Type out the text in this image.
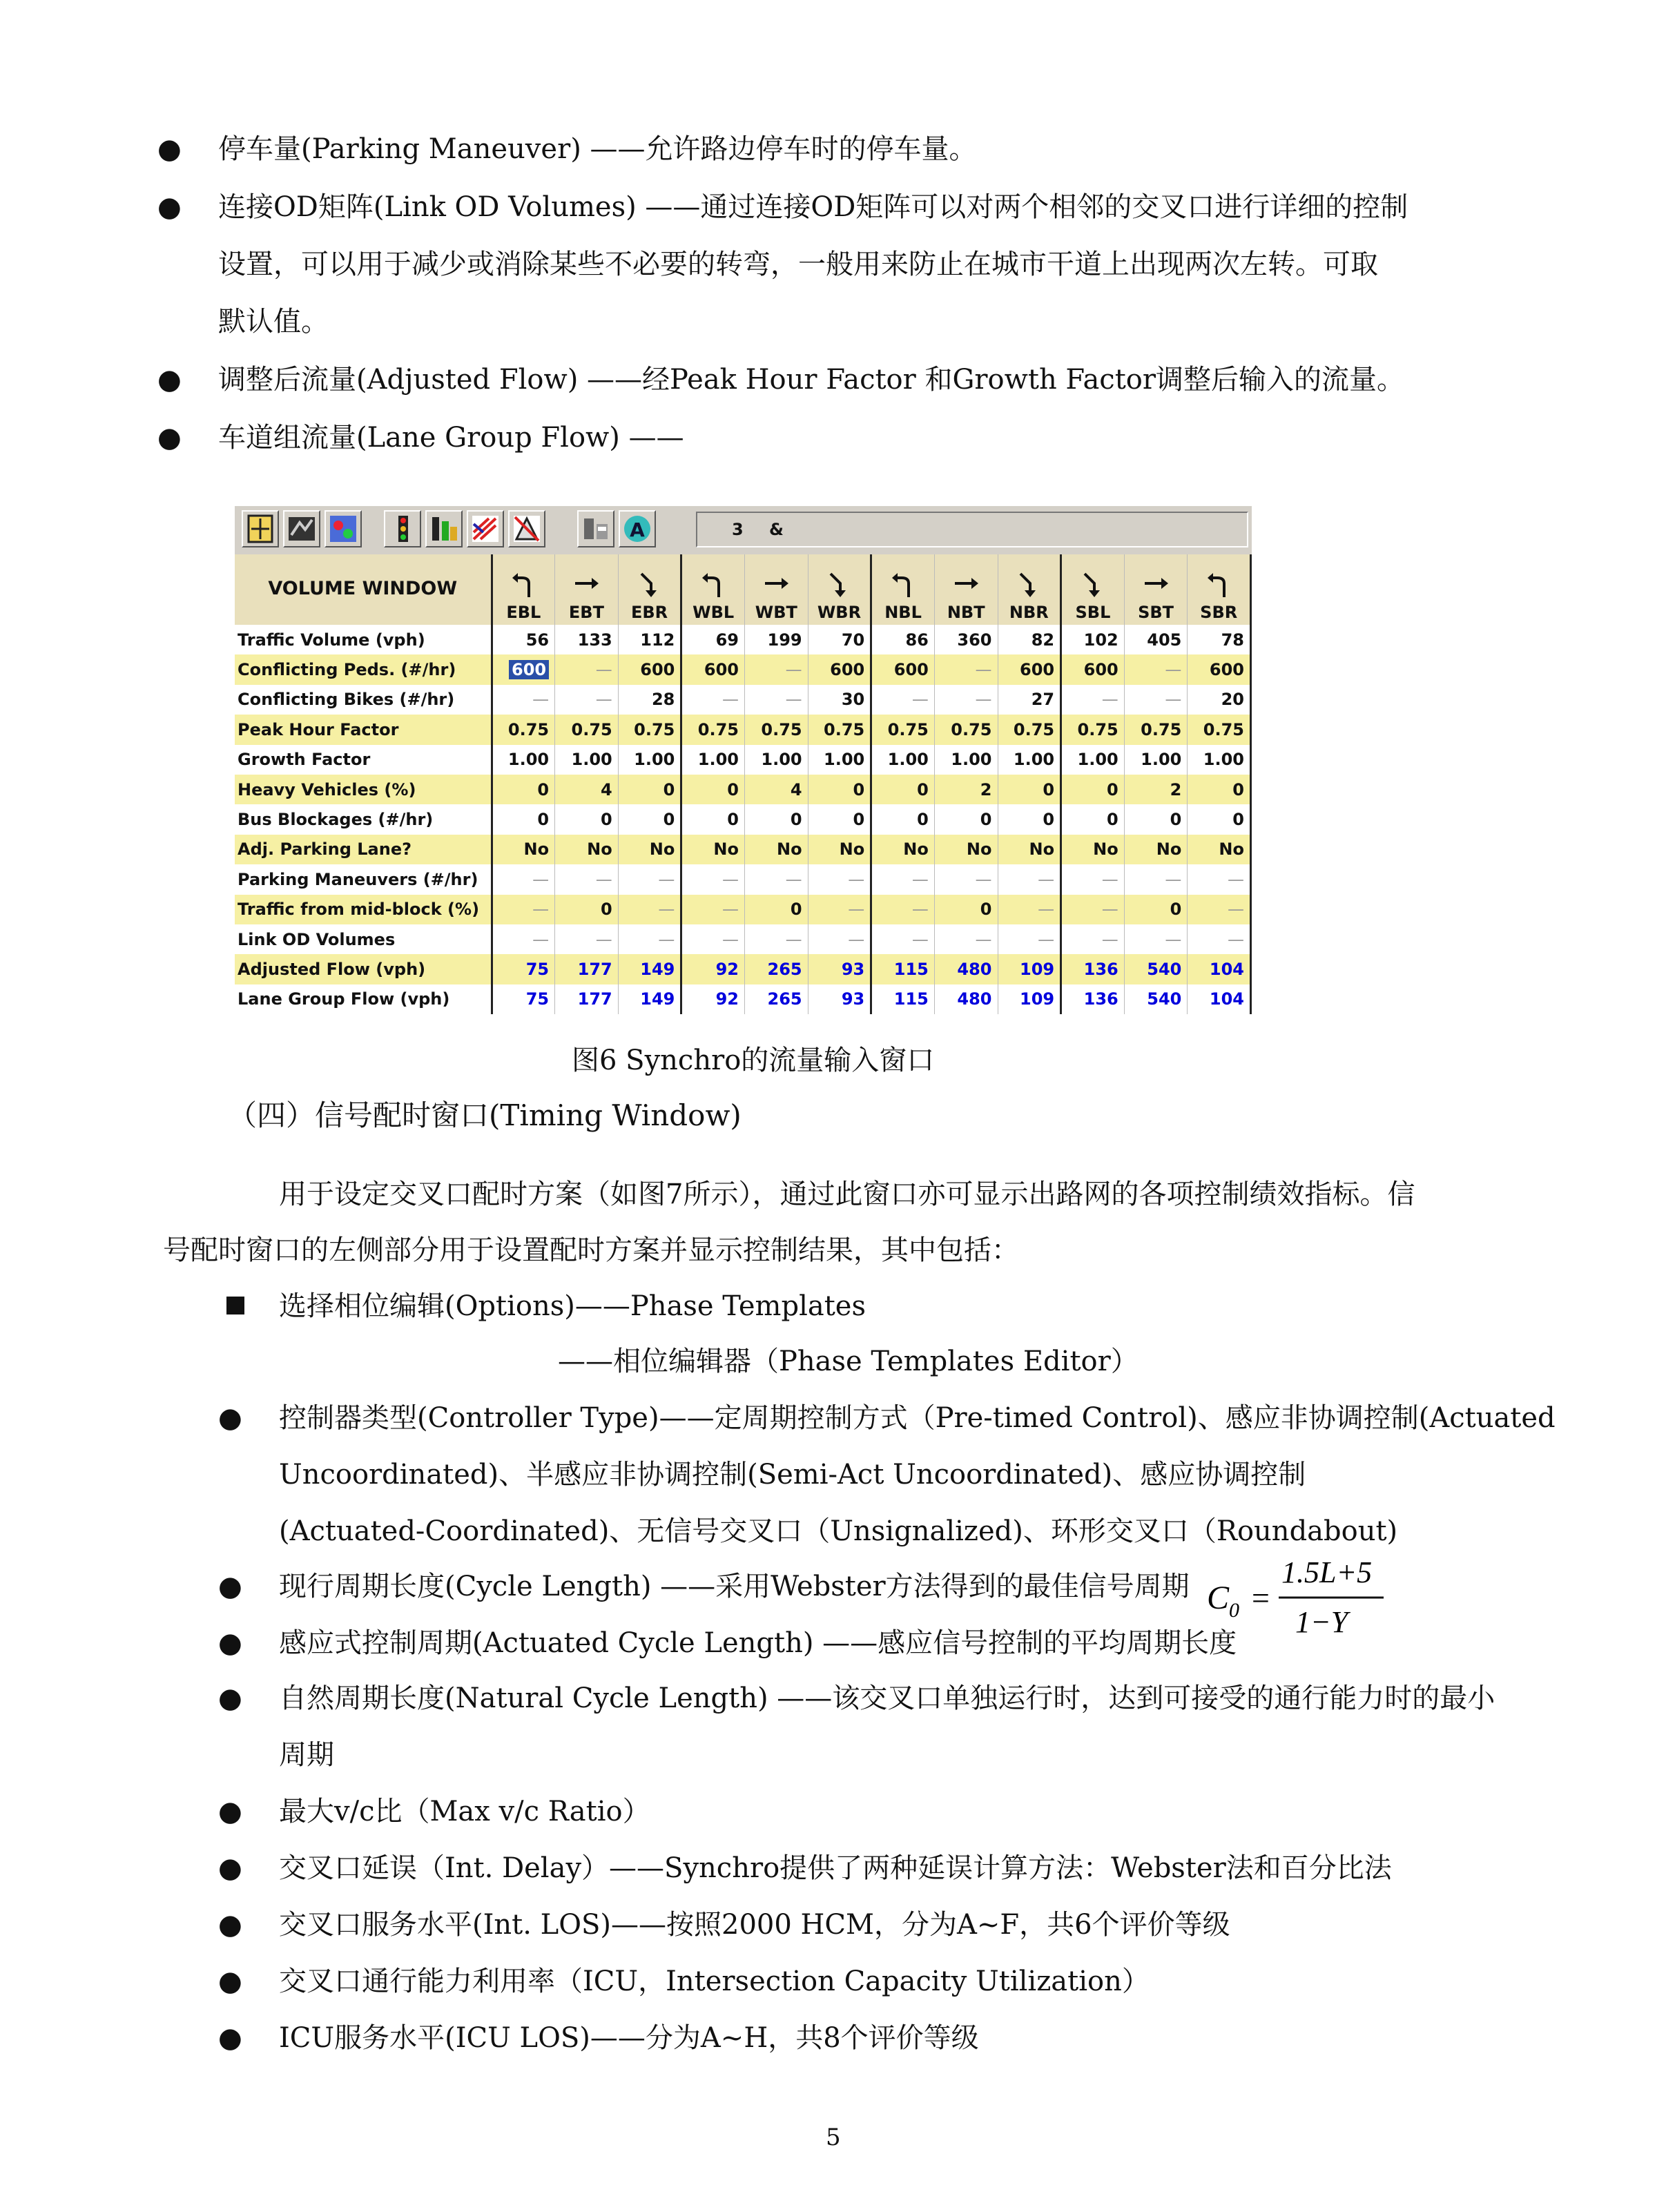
● 停车量(Parking Maneuver) ——允许路边停车时的停车量。
● 连接OD矩阵(Link OD Volumes) ——通过连接OD矩阵可以对两个相邻的交叉口进行详细的控制
设置，可以用于减少或消除某些不必要的转弯，一般用来防止在城市干道上出现两次左转。可取
默认值。
● 调整后流量(Adjusted Flow) ——经Peak Hour Factor 和Growth Factor调整后输入的流量。
● 车道组流量(Lane Group Flow) ——
A	3 &
VOLUME WINDOW	EBL	EBT	EBR	WBL	WBT	WBR	NBL	NBT	NBR	SBL	SBT	SBR

Traffic Volume (vph)	56	133	112	69	199	70	86	360	82	102	405	78
Conflicting Peds. (#/hr)	600	—	600	600	—	600	600	—	600	600	—	600
Conflicting Bikes (#/hr)	—	—	28	—	—	30	—	—	27	—	—	20
Peak Hour Factor	0.75	0.75	0.75	0.75	0.75	0.75	0.75	0.75	0.75	0.75	0.75	0.75
Growth Factor	1.00	1.00	1.00	1.00	1.00	1.00	1.00	1.00	1.00	1.00	1.00	1.00
Heavy Vehicles (%)	0	4	0	0	4	0	0	2	0	0	2	0
Bus Blockages (#/hr)	0	0	0	0	0	0	0	0	0	0	0	0
Adj. Parking Lane?	No	No	No	No	No	No	No	No	No	No	No	No
Parking Maneuvers (#/hr)	—	—	—	—	—	—	—	—	—	—	—	—
Traffic from mid-block (%)	—	0	—	—	0	—	—	0	—	—	0	—
Link OD Volumes	—	—	—	—	—	—	—	—	—	—	—	—
Adjusted Flow (vph)	75	177	149	92	265	93	115	480	109	136	540	104
Lane Group Flow (vph)	75	177	149	92	265	93	115	480	109	136	540	104
图6 Synchro的流量输入窗口
（四）信号配时窗口(Timing Window)
用于设定交叉口配时方案（如图7所示），通过此窗口亦可显示出路网的各项控制绩效指标。信
号配时窗口的左侧部分用于设置配时方案并显示控制结果，其中包括：
选择相位编辑(Options)——Phase Templates
——相位编辑器（Phase Templates Editor）
● 控制器类型(Controller Type)——定周期控制方式（Pre-timed Control)、感应非协调控制(Actuated
Uncoordinated)、半感应非协调控制(Semi-Act Uncoordinated)、感应协调控制
(Actuated-Coordinated)、无信号交叉口（Unsignalized)、环形交叉口（Roundabout)
● 现行周期长度(Cycle Length) ——采用Webster方法得到的最佳信号周期
● 感应式控制周期(Actuated Cycle Length) ——感应信号控制的平均周期长度
● 自然周期长度(Natural Cycle Length) ——该交叉口单独运行时，达到可接受的通行能力时的最小
周期
● 最大v/c比（Max v/c Ratio）
● 交叉口延误（Int. Delay）——Synchro提供了两种延误计算方法：Webster法和百分比法
● 交叉口服务水平(Int. LOS)——按照2000 HCM，分为A~F，共6个评价等级
● 交叉口通行能力利用率（ICU，Intersection Capacity Utilization）
● ICU服务水平(ICU LOS)——分为A~H，共8个评价等级
C 0 =
1.5L+5
1−Y
5
